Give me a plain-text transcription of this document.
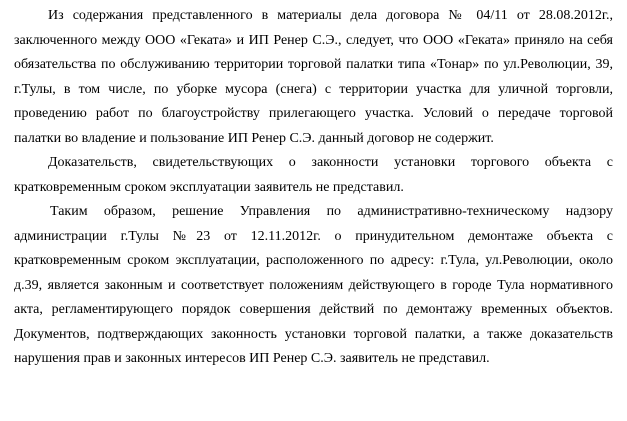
Из содержания представленного в материалы дела договора № 04/11 от 28.08.2012г., заключенного между ООО «Геката» и ИП Ренер С.Э., следует, что ООО «Геката» приняло на себя обязательства по обслуживанию территории торговой палатки типа «Тонар» по ул.Революции, 39, г.Тулы, в том числе, по уборке мусора (снега) с территории участка для уличной торговли, проведению работ по благоустройству прилегающего участка. Условий о передаче торговой палатки во владение и пользование ИП Ренер С.Э. данный договор не содержит.

Доказательств, свидетельствующих о законности установки торгового объекта с кратковременным сроком эксплуатации заявитель не представил.

Таким образом, решение Управления по административно-техническому надзору администрации г.Тулы №23 от 12.11.2012г. о принудительном демонтаже объекта с кратковременным сроком эксплуатации, расположенного по адресу: г.Тула, ул.Революции, около д.39, является законным и соответствует положениям действующего в городе Тула нормативного акта, регламентирующего порядок совершения действий по демонтажу временных объектов. Документов, подтверждающих законность установки торговой палатки, а также доказательств нарушения прав и законных интересов ИП Ренер С.Э. заявитель не представил.
